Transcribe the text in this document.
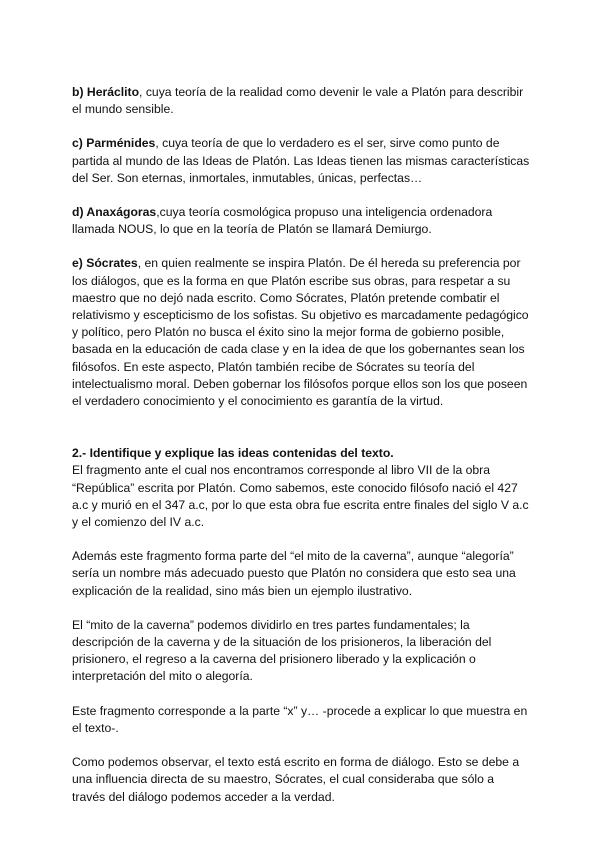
b) Heráclito, cuya teoría de la realidad como devenir le vale a Platón para describir
el mundo sensible.

c) Parménides, cuya teoría de que lo verdadero es el ser, sirve como punto de
partida al mundo de las Ideas de Platón. Las Ideas tienen las mismas características
del Ser. Son eternas, inmortales, inmutables, únicas, perfectas…

d) Anaxágoras,cuya teoría cosmológica propuso una inteligencia ordenadora
llamada NOUS, lo que en la teoría de Platón se llamará Demiurgo.

e) Sócrates, en quien realmente se inspira Platón. De él hereda su preferencia por
los diálogos, que es la forma en que Platón escribe sus obras, para respetar a su
maestro que no dejó nada escrito. Como Sócrates, Platón pretende combatir el
relativismo y escepticismo de los sofistas. Su objetivo es marcadamente pedagógico
y político, pero Platón no busca el éxito sino la mejor forma de gobierno posible,
basada en la educación de cada clase y en la idea de que los gobernantes sean los
filósofos. En este aspecto, Platón también recibe de Sócrates su teoría del
intelectualismo moral. Deben gobernar los filósofos porque ellos son los que poseen
el verdadero conocimiento y el conocimiento es garantía de la virtud.

2.- Identifique y explique las ideas contenidas del texto.

El fragmento ante el cual nos encontramos corresponde al libro VII de la obra
“República” escrita por Platón. Como sabemos, este conocido filósofo nació el 427
a.c y murió en el 347 a.c, por lo que esta obra fue escrita entre finales del siglo V a.c
y el comienzo del IV a.c.

Además este fragmento forma parte del “el mito de la caverna”, aunque “alegoría”
sería un nombre más adecuado puesto que Platón no considera que esto sea una
explicación de la realidad, sino más bien un ejemplo ilustrativo.

El “mito de la caverna” podemos dividirlo en tres partes fundamentales; la
descripción de la caverna y de la situación de los prisioneros, la liberación del
prisionero, el regreso a la caverna del prisionero liberado y la explicación o
interpretación del mito o alegoría.

Este fragmento corresponde a la parte “x” y… -procede a explicar lo que muestra en
el texto-.

Como podemos observar, el texto está escrito en forma de diálogo. Esto se debe a
una influencia directa de su maestro, Sócrates, el cual consideraba que sólo a
través del diálogo podemos acceder a la verdad.
